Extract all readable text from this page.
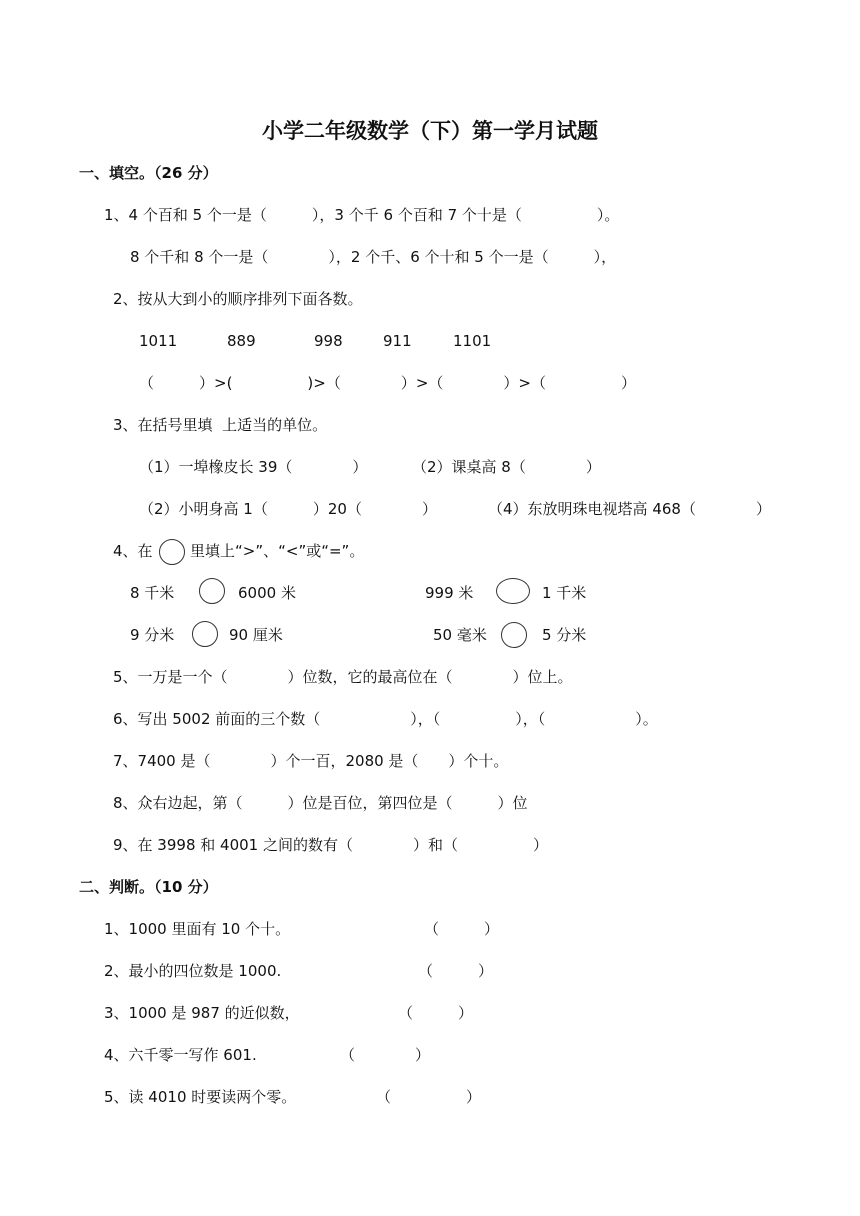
小学二年级数学（下）第一学月试题
一、填空。（26 分）
1、4 个百和 5 个一是（　　　），3 个千 6 个百和 7 个十是（　　　　　）。
8 个千和 8 个一是（　　　　），2 个千、6 个十和 5 个一是（　　　），
2、按从大到小的顺序排列下面各数。
1011	889	998	911	1101
（　　　）>(　　　　　)>（　　　　）>（　　　　）>（　　　　　）
3、在括号里填  上适当的单位。
（1）一埠橡皮长 39（　　　　）	（2）课桌高 8（　　　　）
（2）小明身高 1（　　　）20（　　　　）	（4）东放明珠电视塔高 468（　　　　）
4、在 里填上“>”、“<”或“=”。
8 千米	6000 米	999 米	1 千米
9 分米	90 厘米	50 毫米	5 分米
5、一万是一个（　　　　）位数，它的最高位在（　　　　）位上。
6、写出 5002 前面的三个数（　　　　　　），（　　　　　），（　　　　　　）。
7、7400 是（　　　　）个一百，2080 是（　　）个十。
8、众右边起，第（　　　）位是百位，第四位是（　　　）位
9、在 3998 和 4001 之间的数有（　　　　）和（　　　　　）
二、判断。（10 分）
1、1000 里面有 10 个十。	（　　　）
2、最小的四位数是 1000.	（　　　）
3、1000 是 987 的近似数，	（　　　）
4、六千零一写作 601.	（　　　　）
5、读 4010 时要读两个零。	（　　　　　）
